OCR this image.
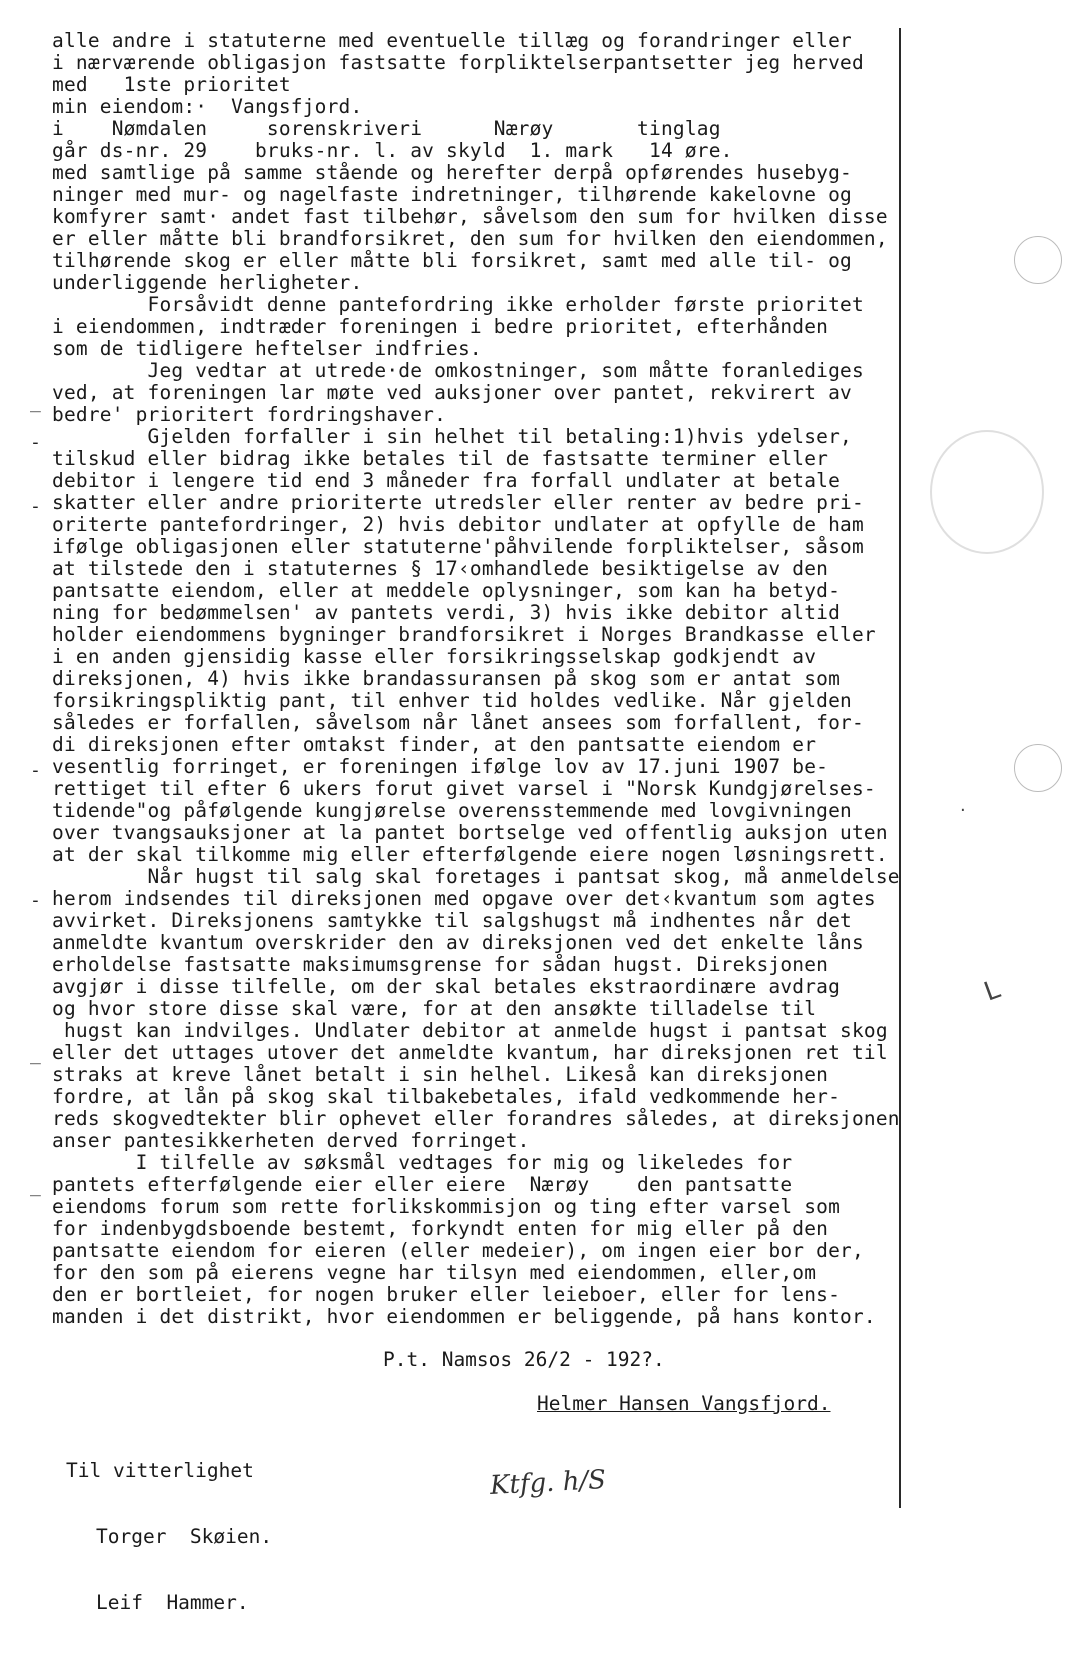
alle andre i statuterne med eventuelle tillæg og forandringer eller
i nærværende obligasjon fastsatte forpliktelserpantsetter jeg herved
med   1ste prioritet
min eiendom:·  Vangsfjord.
i    Nømdalen     sorenskriveri      Nærøy       tinglag
går ds-nr. 29    bruks-nr. l. av skyld  1. mark   14 øre.
med samtlige på samme stående og herefter derpå opførendes husebyg-
ninger med mur- og nagelfaste indretninger, tilhørende kakelovne og
komfyrer samt· andet fast tilbehør, såvelsom den sum for hvilken disse
er eller måtte bli brandforsikret, den sum for hvilken den eiendommen,
tilhørende skog er eller måtte bli forsikret, samt med alle til- og
underliggende herligheter.
Forsåvidt denne pantefordring ikke erholder første prioritet
i eiendommen, indtræder foreningen i bedre prioritet, efterhånden
som de tidligere heftelser indfries.
Jeg vedtar at utrede·de omkostninger, som måtte foranlediges
ved, at foreningen lar møte ved auksjoner over pantet, rekvirert av
bedre' prioritert fordringshaver.
Gjelden forfaller i sin helhet til betaling:1)hvis ydelser,
tilskud eller bidrag ikke betales til de fastsatte terminer eller
debitor i lengere tid end 3 måneder fra forfall undlater at betale
skatter eller andre prioriterte utredsler eller renter av bedre pri-
oriterte pantefordringer, 2) hvis debitor undlater at opfylle de ham
ifølge obligasjonen eller statuterne'påhvilende forpliktelser, såsom
at tilstede den i statuternes § 17‹omhandlede besiktigelse av den
pantsatte eiendom, eller at meddele oplysninger, som kan ha betyd-
ning for bedømmelsen' av pantets verdi, 3) hvis ikke debitor altid
holder eiendommens bygninger brandforsikret i Norges Brandkasse eller
i en anden gjensidig kasse eller forsikringsselskap godkjendt av
direksjonen, 4) hvis ikke brandassuransen på skog som er antat som
forsikringspliktig pant, til enhver tid holdes vedlike. Når gjelden
således er forfallen, såvelsom når lånet ansees som forfallent, for-
di direksjonen efter omtakst finder, at den pantsatte eiendom er
vesentlig forringet, er foreningen ifølge lov av 17.juni 1907 be-
rettiget til efter 6 ukers forut givet varsel i "Norsk Kundgjørelses-
tidende"og påfølgende kungjørelse overensstemmende med lovgivningen
over tvangsauksjoner at la pantet bortselge ved offentlig auksjon uten
at der skal tilkomme mig eller efterfølgende eiere nogen løsningsrett.
Når hugst til salg skal foretages i pantsat skog, må anmeldelse
herom indsendes til direksjonen med opgave over det‹kvantum som agtes
avvirket. Direksjonens samtykke til salgshugst må indhentes når det
anmeldte kvantum overskrider den av direksjonen ved det enkelte låns
erholdelse fastsatte maksimumsgrense for sådan hugst. Direksjonen
avgjør i disse tilfelle, om der skal betales ekstraordinære avdrag
og hvor store disse skal være, for at den ansøkte tilladelse til
hugst kan indvilges. Undlater debitor at anmelde hugst i pantsat skog
eller det uttages utover det anmeldte kvantum, har direksjonen ret til
straks at kreve lånet betalt i sin helhel. Likeså kan direksjonen
fordre, at lån på skog skal tilbakebetales, ifald vedkommende her-
reds skogvedtekter blir ophevet eller forandres således, at direksjonen
anser pantesikkerheten derved forringet.
I tilfelle av søksmål vedtages for mig og likeledes for
pantets efterfølgende eier eller eiere  Nærøy    den pantsatte
eiendoms forum som rette forlikskommisjon og ting efter varsel som
for indenbygdsboende bestemt, forkyndt enten for mig eller på den
pantsatte eiendom for eieren (eller medeier), om ingen eier bor der,
for den som på eierens vegne har tilsyn med eiendommen, eller,om
den er bortleiet, for nogen bruker eller leieboer, eller for lens-
manden i det distrikt, hvor eiendommen er beliggende, på hans kontor.
_
-
-
-
-
_
_
L
·
P.t. Namsos 26/2 - 192?.
Helmer Hansen Vangsfjord.

Til vitterlighet

Torger  Skøien.

Leif  Hammer.

Ktfg. h/S
